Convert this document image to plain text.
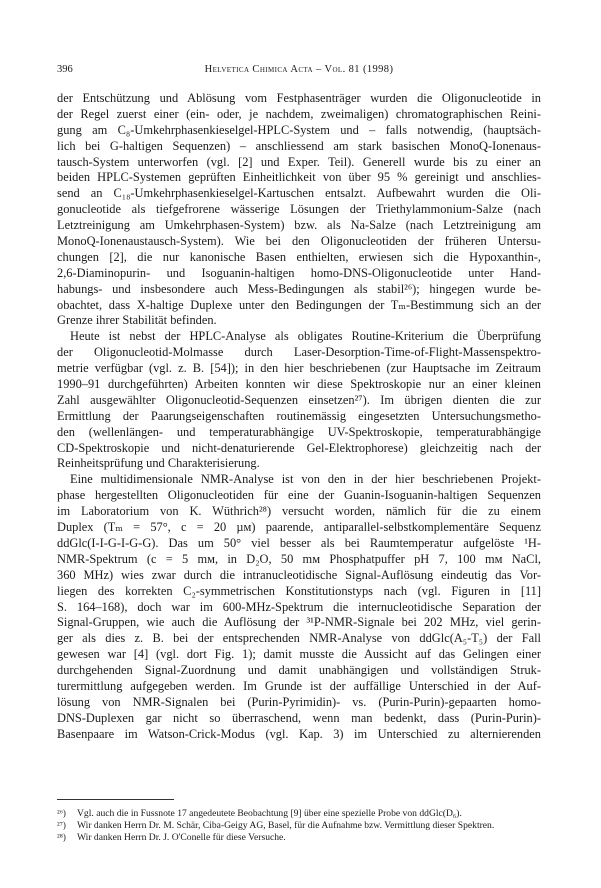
396	Helvetica Chimica Acta – Vol. 81 (1998)
der Entschützung und Ablösung vom Festphasenträger wurden die Oligonucleotide in
der Regel zuerst einer (ein- oder, je nachdem, zweimaligen) chromatographischen Reini-
gung am C₈-Umkehrphasenkieselgel-HPLC-System und – falls notwendig, (hauptsäch-
lich bei G-haltigen Sequenzen) – anschliessend am stark basischen MonoQ-Ionenaus-
tausch-System unterworfen (vgl. [2] und Exper. Teil). Generell wurde bis zu einer an
beiden HPLC-Systemen geprüften Einheitlichkeit von über 95 % gereinigt und anschlies-
send an C₁₈-Umkehrphasenkieselgel-Kartuschen entsalzt. Aufbewahrt wurden die Oli-
gonucleotide als tiefgefrorene wässerige Lösungen der Triethylammonium-Salze (nach
Letztreinigung am Umkehrphasen-System) bzw. als Na-Salze (nach Letztreinigung am
MonoQ-Ionenaustausch-System). Wie bei den Oligonucleotiden der früheren Untersu-
chungen [2], die nur kanonische Basen enthielten, erwiesen sich die Hypoxanthin-,
2,6-Diaminopurin- und Isoguanin-haltigen homo-DNS-Oligonucleotide unter Hand-
habungs- und insbesondere auch Mess-Bedingungen als stabil²⁶); hingegen wurde be-
obachtet, dass X-haltige Duplexe unter den Bedingungen der Tₘ-Bestimmung sich an der
Grenze ihrer Stabilität befinden.
Heute ist nebst der HPLC-Analyse als obligates Routine-Kriterium die Überprüfung
der Oligonucleotid-Molmasse durch Laser-Desorption-Time-of-Flight-Massenspektro-
metrie verfügbar (vgl. z. B. [54]); in den hier beschriebenen (zur Hauptsache im Zeitraum
1990–91 durchgeführten) Arbeiten konnten wir diese Spektroskopie nur an einer kleinen
Zahl ausgewählter Oligonucleotid-Sequenzen einsetzen²⁷). Im übrigen dienten die zur
Ermittlung der Paarungseigenschaften routinemässig eingesetzten Untersuchungsmetho-
den (wellenlängen- und temperaturabhängige UV-Spektroskopie, temperaturabhängige
CD-Spektroskopie und nicht-denaturierende Gel-Elektrophorese) gleichzeitig nach der
Reinheitsprüfung und Charakterisierung.
Eine multidimensionale NMR-Analyse ist von den in der hier beschriebenen Projekt-
phase hergestellten Oligonucleotiden für eine der Guanin-Isoguanin-haltigen Sequenzen
im Laboratorium von K. Wüthrich²⁸) versucht worden, nämlich für die zu einem
Duplex (Tₘ = 57°, c = 20 µм) paarende, antiparallel-selbstkomplementäre Sequenz
ddGlc(I-I-G-I-G-G). Das um 50° viel besser als bei Raumtemperatur aufgelöste ¹H-
NMR-Spektrum (c = 5 mм, in D₂O, 50 mм Phosphatpuffer pH 7, 100 mм NaCl,
360 MHz) wies zwar durch die intranucleotidische Signal-Auflösung eindeutig das Vor-
liegen des korrekten C₂-symmetrischen Konstitutionstyps nach (vgl. Figuren in [11]
S. 164–168), doch war im 600-MHz-Spektrum die internucleotidische Separation der
Signal-Gruppen, wie auch die Auflösung der ³¹P-NMR-Signale bei 202 MHz, viel gerin-
ger als dies z. B. bei der entsprechenden NMR-Analyse von ddGlc(A₅-T₅) der Fall
gewesen war [4] (vgl. dort Fig. 1); damit musste die Aussicht auf das Gelingen einer
durchgehenden Signal-Zuordnung und damit unabhängigen und vollständigen Struk-
turermittlung aufgegeben werden. Im Grunde ist der auffällige Unterschied in der Auf-
lösung von NMR-Signalen bei (Purin-Pyrimidin)- vs. (Purin-Purin)-gepaarten homo-
DNS-Duplexen gar nicht so überraschend, wenn man bedenkt, dass (Purin-Purin)-
Basenpaare im Watson-Crick-Modus (vgl. Kap. 3) im Unterschied zu alternierenden
²⁶) Vgl. auch die in Fussnote 17 angedeutete Beobachtung [9] über eine spezielle Probe von ddGlc(D₆).
²⁷) Wir danken Herrn Dr. M. Schär, Ciba-Geigy AG, Basel, für die Aufnahme bzw. Vermittlung dieser Spektren.
²⁸) Wir danken Herrn Dr. J. O'Conelle für diese Versuche.
